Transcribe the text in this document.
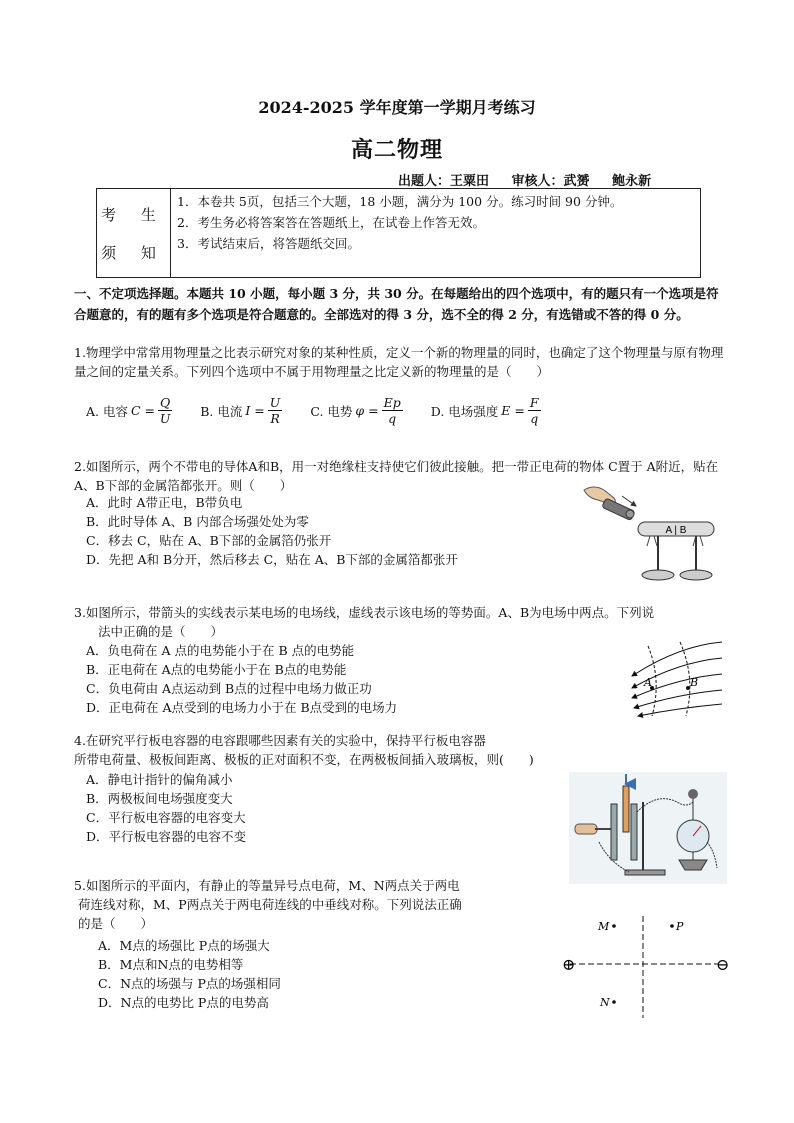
2024-2025 学年度第一学期月考练习
高二物理
出题人：王粟田 审核人：武赟 鲍永新
考 生
须 知
1．本卷共 5页，包括三个大题，18 小题，满分为 100 分。练习时间 90 分钟。
2．考生务必将答案答在答题纸上，在试卷上作答无效。
3．考试结束后，将答题纸交回。
一、不定项选择题。本题共 10 小题，每小题 3 分，共 30 分。在每题给出的四个选项中，有的题只有一个选项是符合题意的，有的题有多个选项是符合题意的。全部选对的得 3 分，选不全的得 2 分，有选错或不答的得 0 分。
1.物理学中常常用物理量之比表示研究对象的某种性质，定义一个新的物理量的同时，也确定了这个物理量与原有物理量之间的定量关系。下列四个选项中不属于用物理量之比定义新的物理量的是（　　）
A. 电容 $C = \frac{Q}{U} B$. 电流 $I = \frac{U}{R} C$. 电势 $\varphi = \frac{Ep}{q} D$. 电场强度 $E = \frac{F}{q}$
2.如图所示，两个不带电的导体A和B，用一对绝缘柱支持使它们彼此接触。把一带正电荷的物体 C置于 A附近，贴在 A、B下部的金属箔都张开。则（　　）
A．此时 A带正电，B带负电
B．此时导体 A、B 内部合场强处处为零
C．移去 C，贴在 A、B下部的金属箔仍张开
D．先把 A和 B分开，然后移去 C，贴在 A、B下部的金属箔都张开
A | B
3.如图所示，带箭头的实线表示某电场的电场线，虚线表示该电场的等势面。A、B为电场中两点。下列说
法中正确的是（　　）
A．负电荷在 A 点的电势能小于在 B 点的电势能
B．正电荷在 A点的电势能小于在 B点的电势能
C．负电荷由 A点运动到 B点的过程中电场力做正功
D．正电荷在 A点受到的电场力小于在 B点受到的电场力
A	B
4.在研究平行板电容器的电容跟哪些因素有关的实验中，保持平行板电容器
所带电荷量、极板间距离、极板的正对面积不变，在两极板间插入玻璃板，则(　　)
A．静电计指针的偏角减小
B．两极板间电场强度变大
C．平行板电容器的电容变大
D．平行板电容器的电容不变
5.如图所示的平面内，有静止的等量异号点电荷，M、N两点关于两电
荷连线对称，M、P两点关于两电荷连线的中垂线对称。下列说法正确
的是（　　）
A．M点的场强比 P点的场强大
B．M点和N点的电势相等
C．N点的场强与 P点的场强相同
D．N点的电势比 P点的电势高
⊕	⊖
M	P
N
